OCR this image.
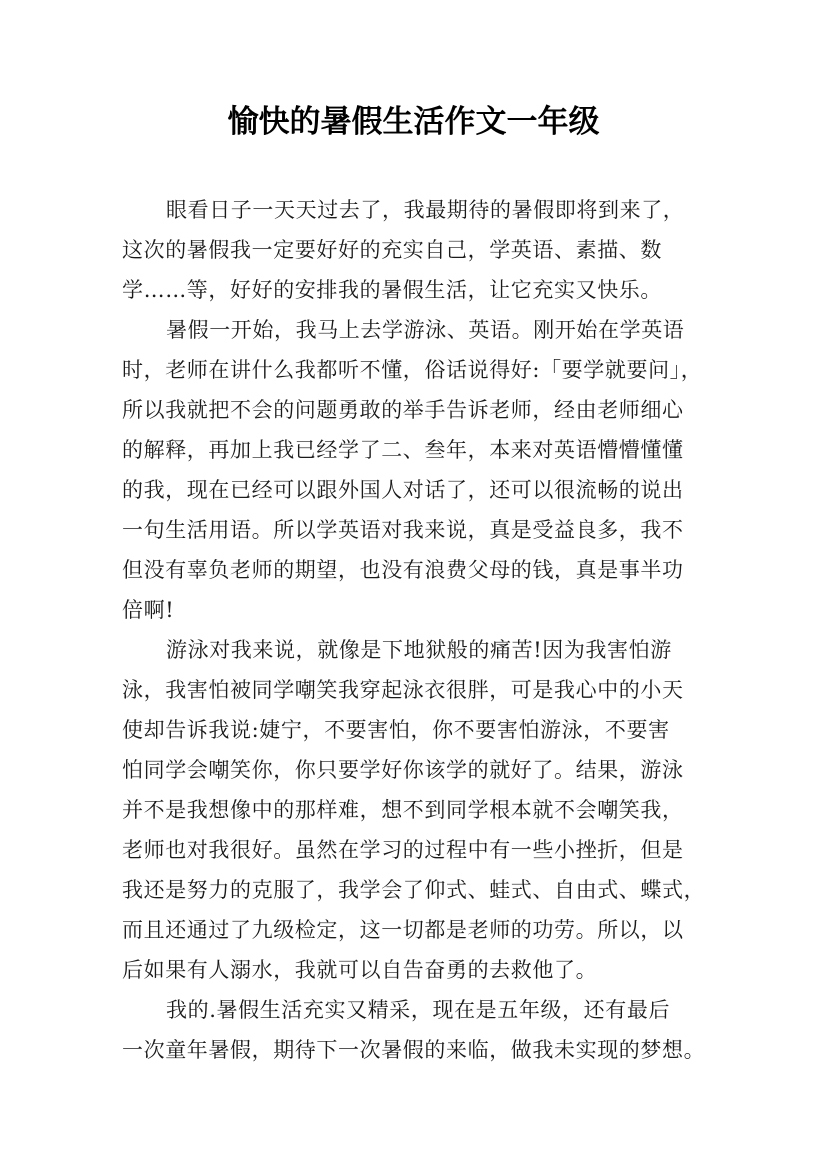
愉快的暑假生活作文一年级
眼看日子一天天过去了，我最期待的暑假即将到来了，
这次的暑假我一定要好好的充实自己，学英语、素描、数
学……等，好好的安排我的暑假生活，让它充实又快乐。
暑假一开始，我马上去学游泳、英语。刚开始在学英语
时，老师在讲什么我都听不懂，俗话说得好:「要学就要问」，
所以我就把不会的问题勇敢的举手告诉老师，经由老师细心
的解释，再加上我已经学了二、叁年，本来对英语懵懵懂懂
的我，现在已经可以跟外国人对话了，还可以很流畅的说出
一句生活用语。所以学英语对我来说，真是受益良多，我不
但没有辜负老师的期望，也没有浪费父母的钱，真是事半功
倍啊!
游泳对我来说，就像是下地狱般的痛苦!因为我害怕游
泳，我害怕被同学嘲笑我穿起泳衣很胖，可是我心中的小天
使却告诉我说:婕宁，不要害怕，你不要害怕游泳，不要害
怕同学会嘲笑你，你只要学好你该学的就好了。结果，游泳
并不是我想像中的那样难，想不到同学根本就不会嘲笑我，
老师也对我很好。虽然在学习的过程中有一些小挫折，但是
我还是努力的克服了，我学会了仰式、蛙式、自由式、蝶式，
而且还通过了九级检定，这一切都是老师的功劳。所以，以
后如果有人溺水，我就可以自告奋勇的去救他了。
我的.暑假生活充实又精采，现在是五年级，还有最后
一次童年暑假，期待下一次暑假的来临，做我未实现的梦想。
